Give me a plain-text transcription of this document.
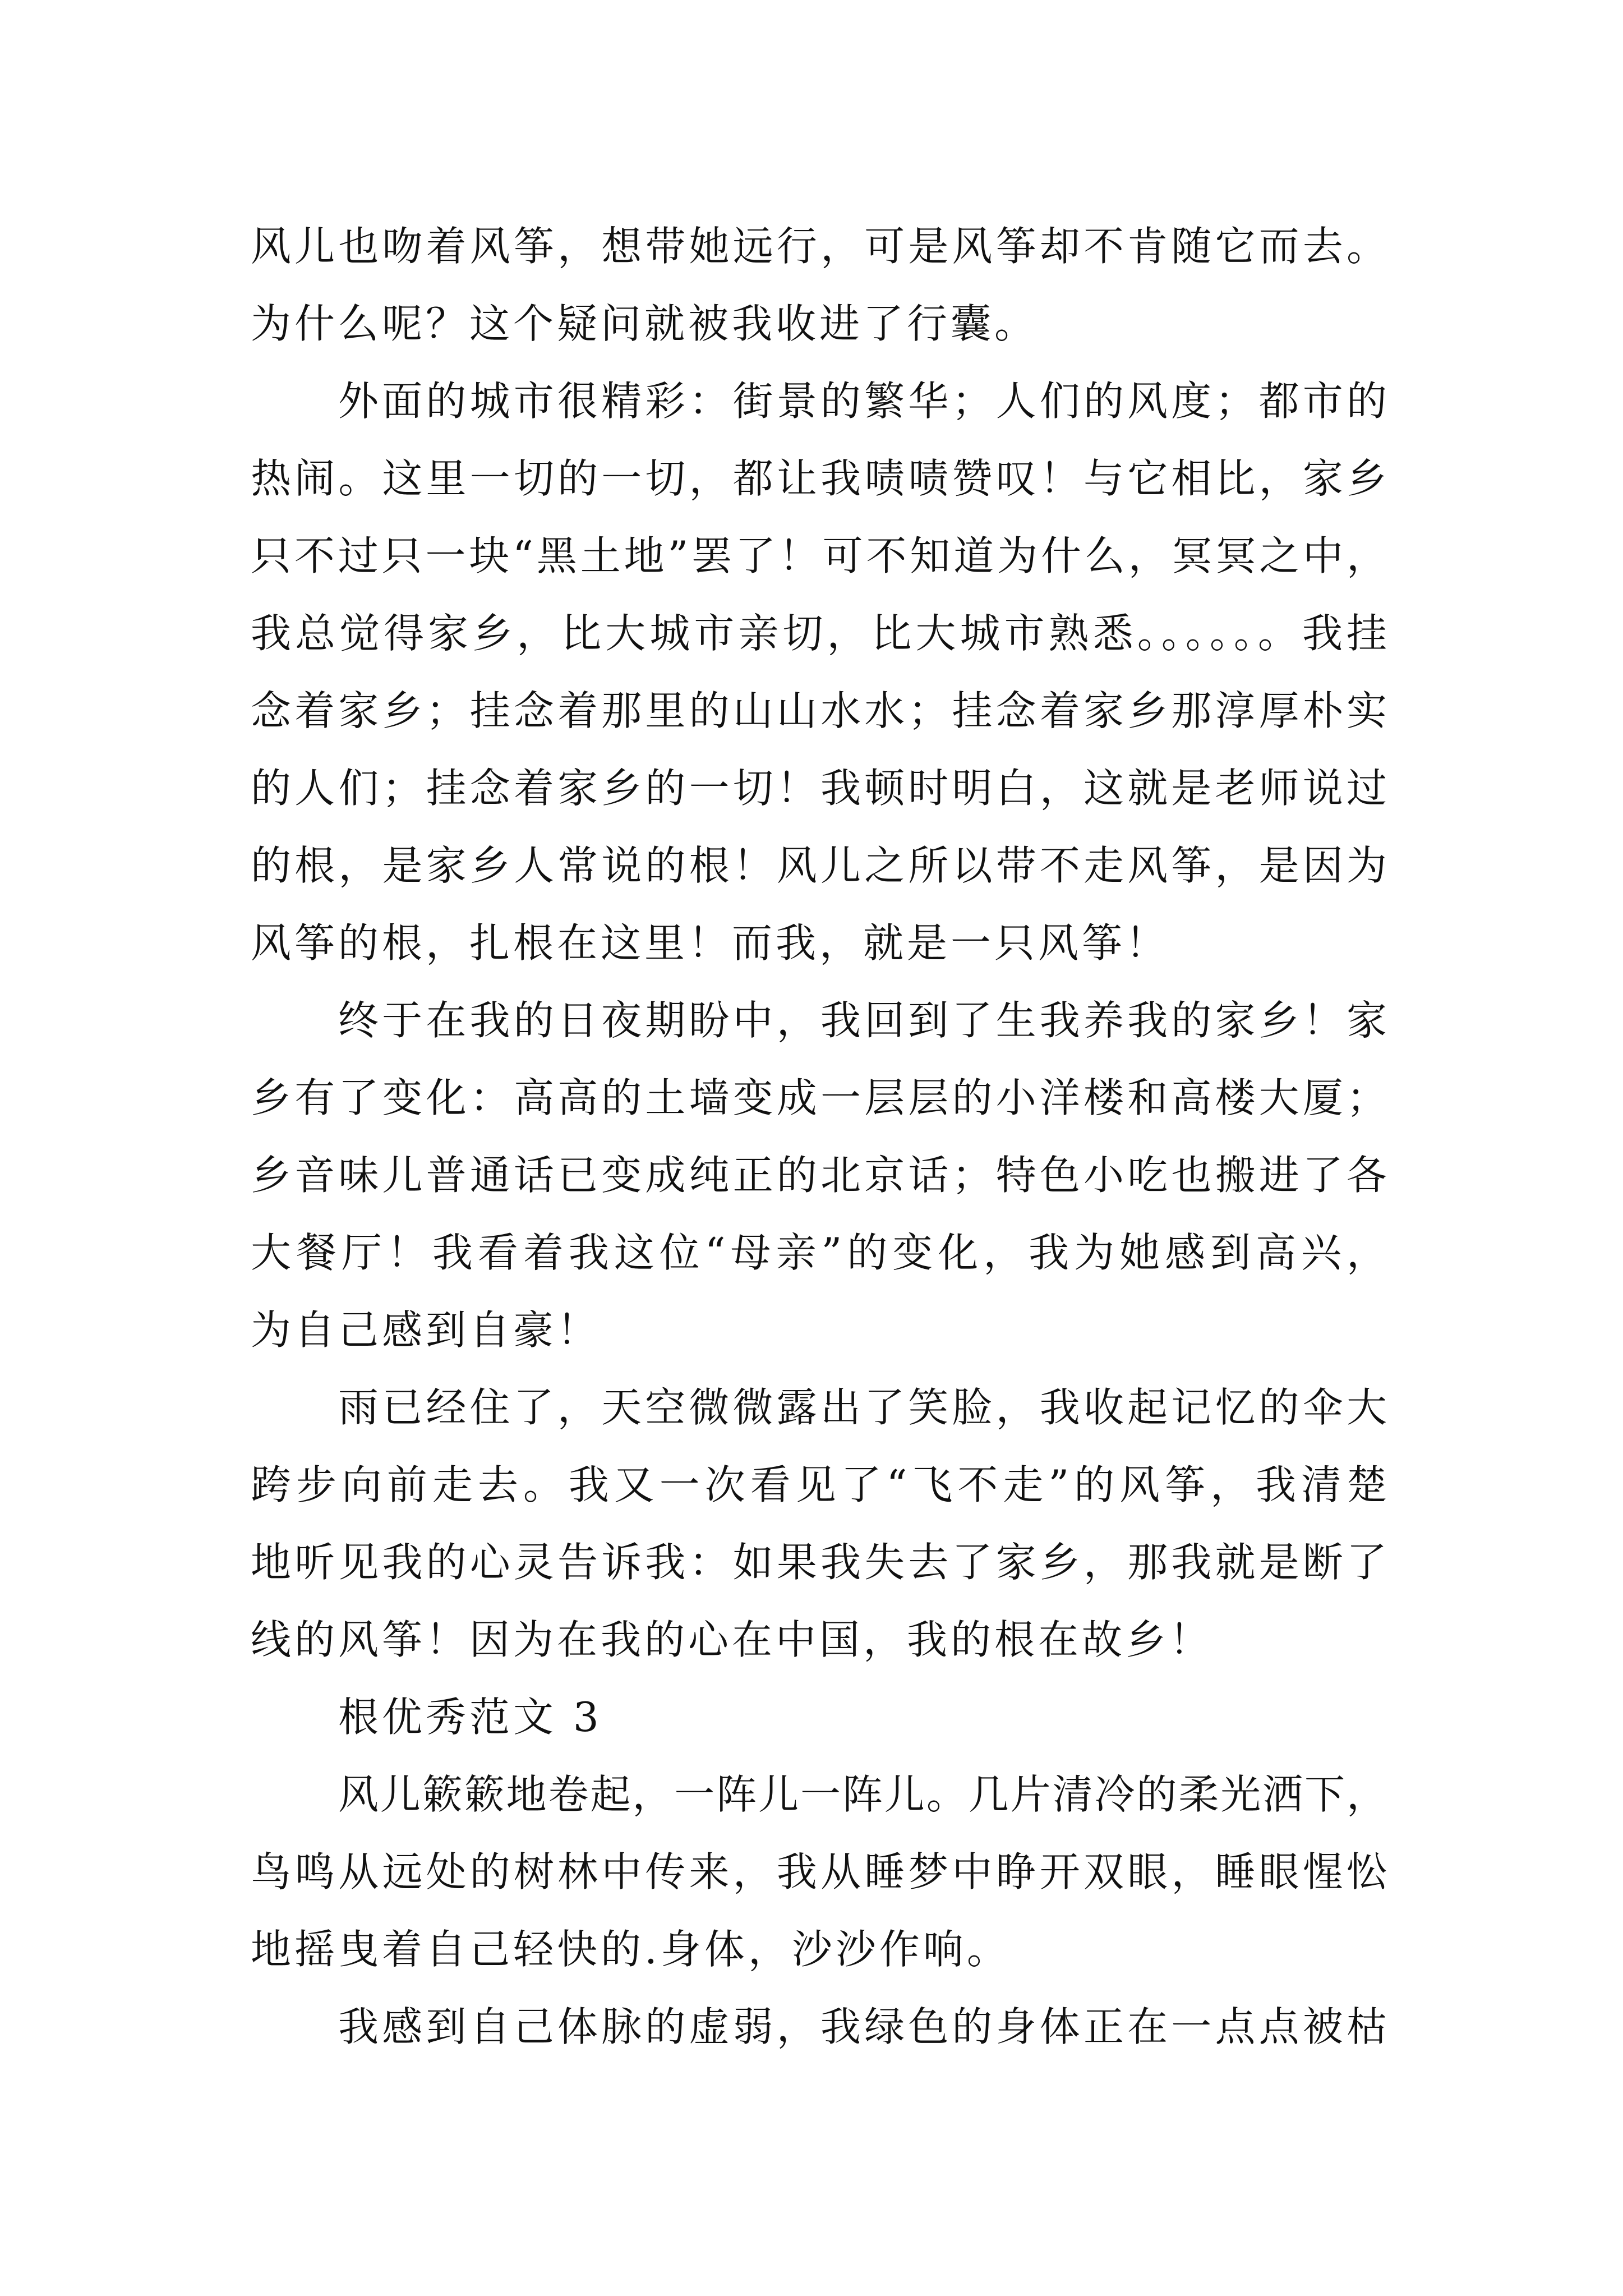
风儿也吻着风筝，想带她远行，可是风筝却不肯随它而去。
为什么呢？这个疑问就被我收进了行囊。
外面的城市很精彩：街景的繁华；人们的风度；都市的
热闹。这里一切的一切，都让我啧啧赞叹！与它相比，家乡
只不过只一块“黑土地”罢了！可不知道为什么，冥冥之中，
我总觉得家乡，比大城市亲切，比大城市熟悉。。。。。。我挂
念着家乡；挂念着那里的山山水水；挂念着家乡那淳厚朴实
的人们；挂念着家乡的一切！我顿时明白，这就是老师说过
的根，是家乡人常说的根！风儿之所以带不走风筝，是因为
风筝的根，扎根在这里！而我，就是一只风筝！
终于在我的日夜期盼中，我回到了生我养我的家乡！家
乡有了变化：高高的土墙变成一层层的小洋楼和高楼大厦；
乡音味儿普通话已变成纯正的北京话；特色小吃也搬进了各
大餐厅！我看着我这位“母亲”的变化，我为她感到高兴，
为自己感到自豪！
雨已经住了，天空微微露出了笑脸，我收起记忆的伞大
跨步向前走去。我又一次看见了“飞不走”的风筝，我清楚
地听见我的心灵告诉我：如果我失去了家乡，那我就是断了
线的风筝！因为在我的心在中国，我的根在故乡！
根优秀范文 3
风儿簌簌地卷起，一阵儿一阵儿。几片清冷的柔光洒下，
鸟鸣从远处的树林中传来，我从睡梦中睁开双眼，睡眼惺忪
地摇曳着自己轻快的.身体，沙沙作响。
我感到自己体脉的虚弱，我绿色的身体正在一点点被枯
